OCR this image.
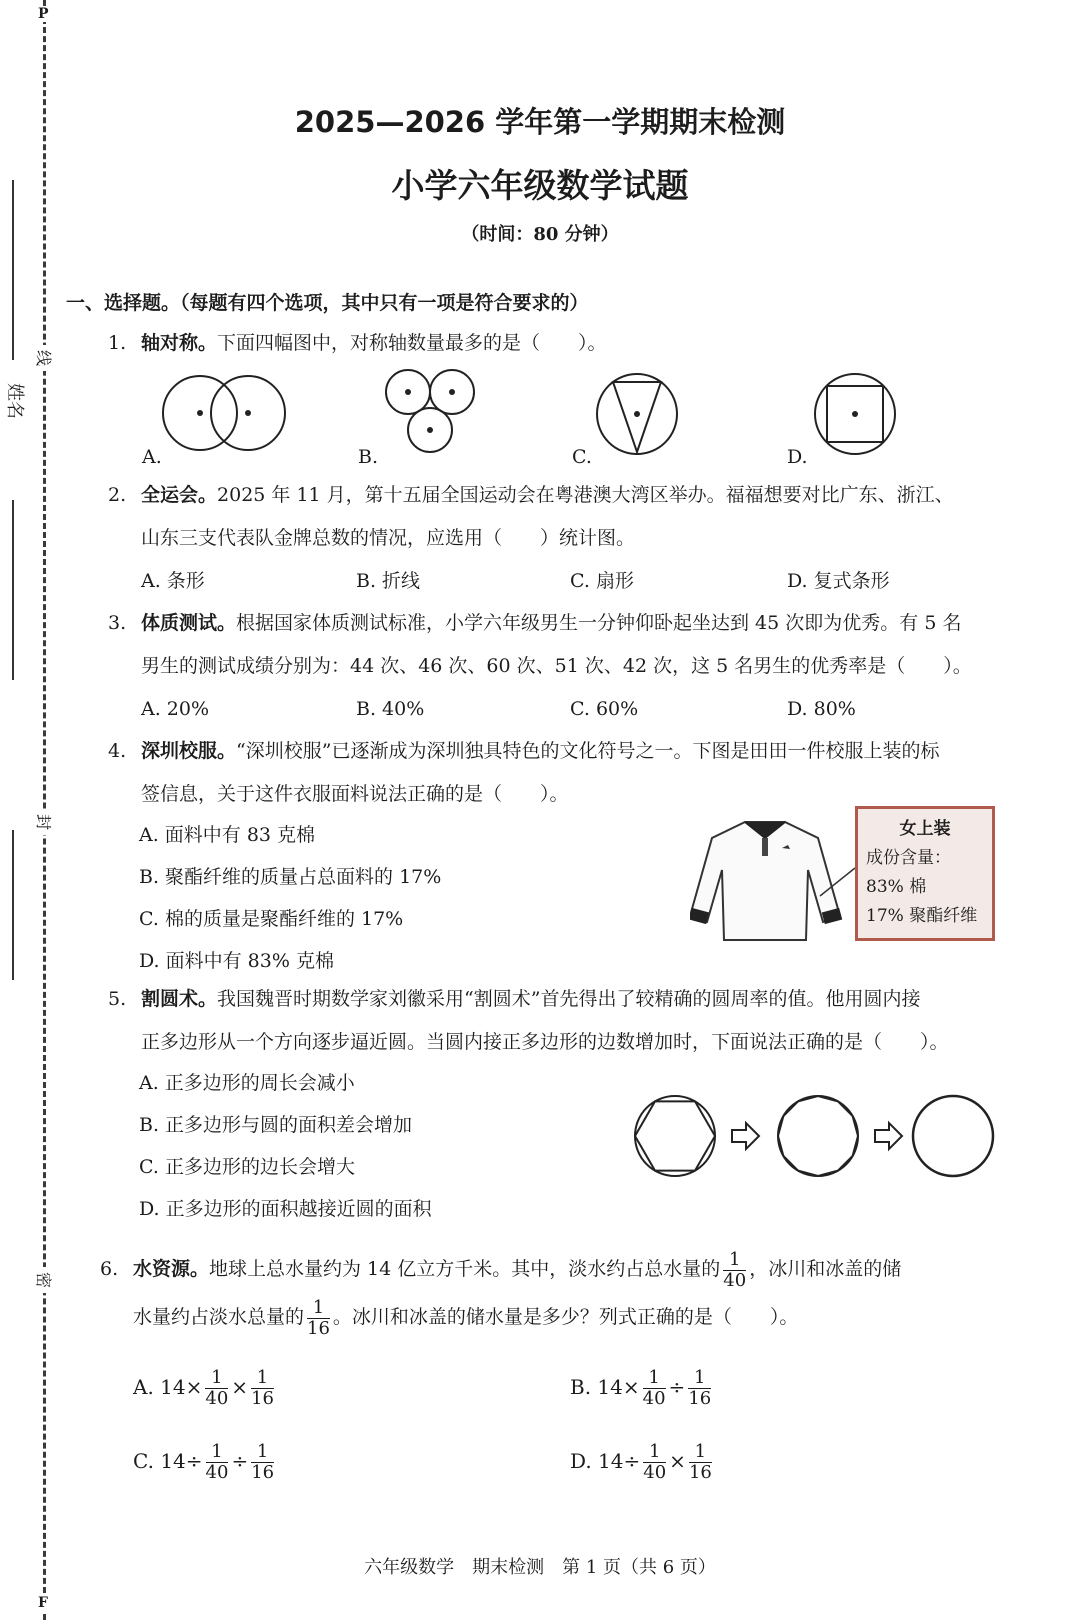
P
F
线
封
密
姓名
2025—2026 学年第一学期期末检测
小学六年级数学试题
（时间：80 分钟）
一、选择题。（每题有四个选项，其中只有一项是符合要求的）
1. 轴对称。下面四幅图中，对称轴数量最多的是（　　）。
A.	B.	C.	D.
2. 全运会。2025 年 11 月，第十五届全国运动会在粤港澳大湾区举办。福福想要对比广东、浙江、
山东三支代表队金牌总数的情况，应选用（　　）统计图。
A. 条形	B. 折线	C. 扇形	D. 复式条形
3. 体质测试。根据国家体质测试标准，小学六年级男生一分钟仰卧起坐达到 45 次即为优秀。有 5 名
男生的测试成绩分别为：44 次、46 次、60 次、51 次、42 次，这 5 名男生的优秀率是（　　）。
A. 20%	B. 40%	C. 60%	D. 80%
4. 深圳校服。“深圳校服”已逐渐成为深圳独具特色的文化符号之一。下图是田田一件校服上装的标
签信息，关于这件衣服面料说法正确的是（　　）。
A. 面料中有 83 克棉
B. 聚酯纤维的质量占总面料的 17%
C. 棉的质量是聚酯纤维的 17%
D. 面料中有 83% 克棉
女上装
成份含量：
83% 棉
17% 聚酯纤维
5. 割圆术。我国魏晋时期数学家刘徽采用“割圆术”首先得出了较精确的圆周率的值。他用圆内接
正多边形从一个方向逐步逼近圆。当圆内接正多边形的边数增加时，下面说法正确的是（　　）。
A. 正多边形的周长会减小
B. 正多边形与圆的面积差会增加
C. 正多边形的边长会增大
D. 正多边形的面积越接近圆的面积
6. 水资源。地球上总水量约为 14 亿立方千米。其中，淡水约占总水量的 $\frac{1}{40}$ ，冰川和冰盖的储
水量约占淡水总量的 $\frac{1}{16}$ 。冰川和冰盖的储水量是多少？列式正确的是（　　）。
A. $14\times \frac{1}{40} \times \frac{1}{16}$	B. $14\times \frac{1}{40} \div \frac{1}{16}$
C. $14\div \frac{1}{40} \div \frac{1}{16}$	D. $14\div \frac{1}{40} \times \frac{1}{16}$
六年级数学　期末检测　第 1 页（共 6 页）
